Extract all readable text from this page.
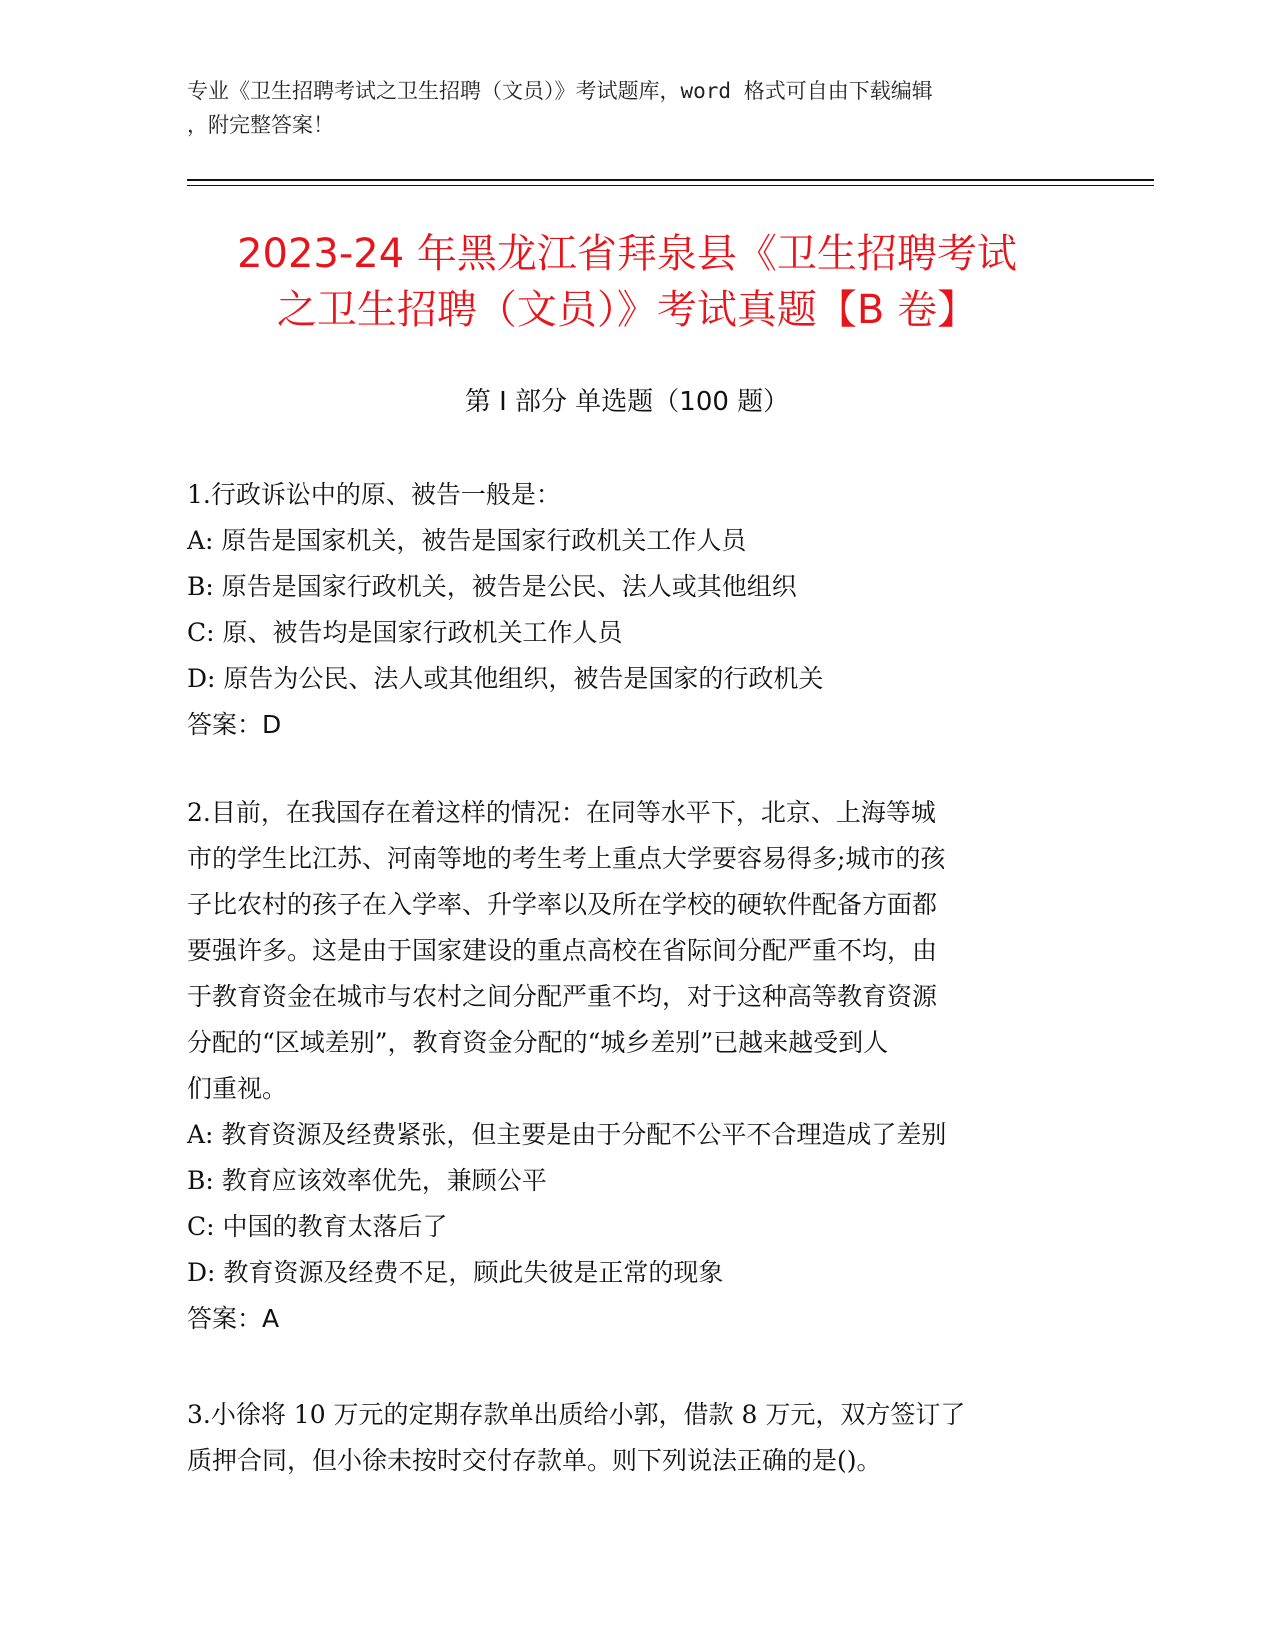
专业《卫生招聘考试之卫生招聘（文员）》考试题库，word 格式可自由下载编辑
，附完整答案！
2023-24 年黑龙江省拜泉县《卫生招聘考试
之卫生招聘（文员）》考试真题【B 卷】
第 I 部分 单选题（100 题）

1.行政诉讼中的原、被告一般是：

A: 原告是国家机关，被告是国家行政机关工作人员

B: 原告是国家行政机关，被告是公民、法人或其他组织

C: 原、被告均是国家行政机关工作人员

D: 原告为公民、法人或其他组织，被告是国家的行政机关

答案：D

2.目前，在我国存在着这样的情况：在同等水平下，北京、上海等城

市的学生比江苏、河南等地的考生考上重点大学要容易得多;城市的孩

子比农村的孩子在入学率、升学率以及所在学校的硬软件配备方面都

要强许多。这是由于国家建设的重点高校在省际间分配严重不均，由

于教育资金在城市与农村之间分配严重不均，对于这种高等教育资源

分配的“区域差别”，教育资金分配的“城乡差别”已越来越受到人

们重视。

A: 教育资源及经费紧张，但主要是由于分配不公平不合理造成了差别

B: 教育应该效率优先，兼顾公平

C: 中国的教育太落后了

D: 教育资源及经费不足，顾此失彼是正常的现象

答案：A

3.小徐将 10 万元的定期存款单出质给小郭，借款 8 万元，双方签订了

质押合同，但小徐未按时交付存款单。则下列说法正确的是()。
